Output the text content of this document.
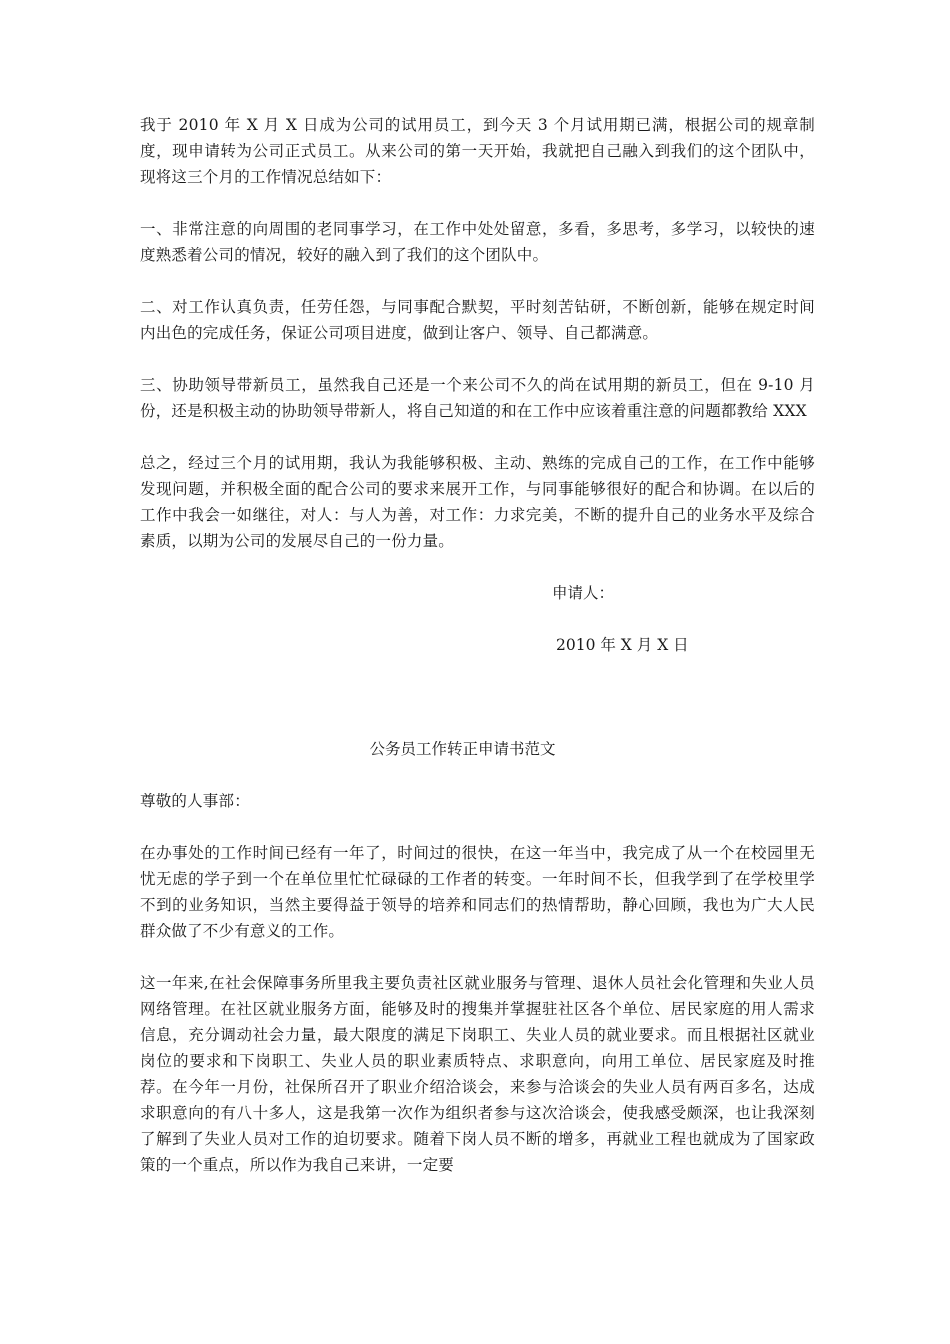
我于 2010 年 X 月 X 日成为公司的试用员工，到今天 3 个月试用期已满，根据公司的规章制度，现申请转为公司正式员工。从来公司的第一天开始，我就把自己融入到我们的这个团队中，现将这三个月的工作情况总结如下：

一、非常注意的向周围的老同事学习，在工作中处处留意，多看，多思考，多学习，以较快的速度熟悉着公司的情况，较好的融入到了我们的这个团队中。

二、对工作认真负责，任劳任怨，与同事配合默契，平时刻苦钻研，不断创新，能够在规定时间内出色的完成任务，保证公司项目进度，做到让客户、领导、自己都满意。

三、协助领导带新员工，虽然我自己还是一个来公司不久的尚在试用期的新员工，但在 9-10 月份，还是积极主动的协助领导带新人，将自己知道的和在工作中应该着重注意的问题都教给 XXX

总之，经过三个月的试用期，我认为我能够积极、主动、熟练的完成自己的工作，在工作中能够发现问题，并积极全面的配合公司的要求来展开工作，与同事能够很好的配合和协调。在以后的工作中我会一如继往，对人：与人为善，对工作：力求完美，不断的提升自己的业务水平及综合素质，以期为公司的发展尽自己的一份力量。

申请人：

2010 年 X 月 X 日

公务员工作转正申请书范文

尊敬的人事部：

在办事处的工作时间已经有一年了，时间过的很快，在这一年当中，我完成了从一个在校园里无忧无虑的学子到一个在单位里忙忙碌碌的工作者的转变。一年时间不长，但我学到了在学校里学不到的业务知识，当然主要得益于领导的培养和同志们的热情帮助，静心回顾，我也为广大人民群众做了不少有意义的工作。

这一年来,在社会保障事务所里我主要负责社区就业服务与管理、退休人员社会化管理和失业人员网络管理。在社区就业服务方面，能够及时的搜集并掌握驻社区各个单位、居民家庭的用人需求信息，充分调动社会力量，最大限度的满足下岗职工、失业人员的就业要求。而且根据社区就业岗位的要求和下岗职工、失业人员的职业素质特点、求职意向，向用工单位、居民家庭及时推荐。在今年一月份，社保所召开了职业介绍洽谈会，来参与洽谈会的失业人员有两百多名，达成求职意向的有八十多人，这是我第一次作为组织者参与这次洽谈会，使我感受颇深，也让我深刻了解到了失业人员对工作的迫切要求。随着下岗人员不断的增多，再就业工程也就成为了国家政策的一个重点，所以作为我自己来讲，一定要
